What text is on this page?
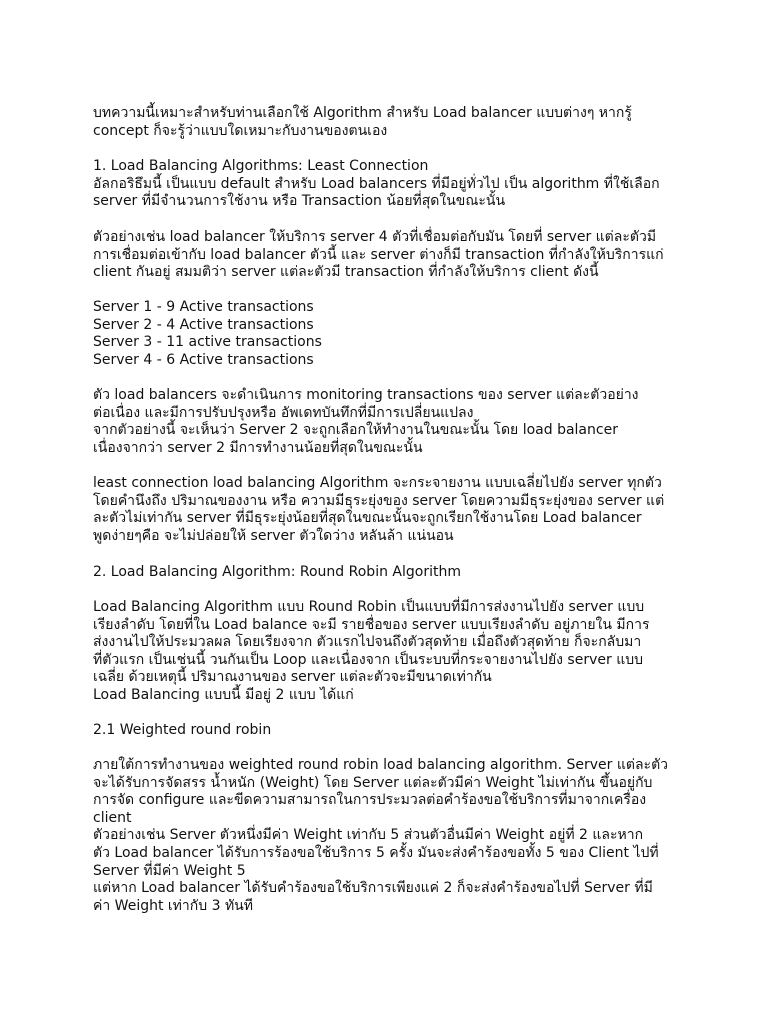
บทความนี้เหมาะสำหรับท่านเลือกใช้ Algorithm สำหรับ Load balancer แบบต่างๆ หากรู้
concept ก็จะรู้ว่าแบบใดเหมาะกับงานของตนเอง
1. Load Balancing Algorithms: Least Connection
อัลกอริธึมนี้ เป็นแบบ default สำหรับ Load balancers ที่มีอยู่ทั่วไป เป็น algorithm ที่ใช้เลือก
server ที่มีจำนวนการใช้งาน หรือ Transaction น้อยที่สุดในขณะนั้น
ตัวอย่างเช่น load balancer ให้บริการ server 4 ตัวที่เชื่อมต่อกับมัน โดยที่ server แต่ละตัวมี
การเชื่อมต่อเข้ากับ load balancer ตัวนี้ และ server ต่างก็มี transaction ที่กำลังให้บริการแก่
client กันอยู่ สมมติว่า server แต่ละตัวมี transaction ที่กำลังให้บริการ client ดังนี้
Server 1 - 9 Active transactions
Server 2 - 4 Active transactions
Server 3 - 11 active transactions
Server 4 - 6 Active transactions
ตัว load balancers จะดำเนินการ monitoring transactions ของ server แต่ละตัวอย่าง
ต่อเนื่อง และมีการปรับปรุงหรือ อัพเดทบันทึกที่มีการเปลี่ยนแปลง
จากตัวอย่างนี้ จะเห็นว่า Server 2 จะถูกเลือกให้ทำงานในขณะนั้น โดย load balancer
เนื่องจากว่า server 2 มีการทำงานน้อยที่สุดในขณะนั้น
least connection load balancing Algorithm จะกระจายงาน แบบเฉลี่ยไปยัง server ทุกตัว
โดยคำนึงถึง ปริมาณของงาน หรือ ความมีธุระยุ่งของ server โดยความมีธุระยุ่งของ server แต่
ละตัวไม่เท่ากัน server ที่มีธุระยุ่งน้อยที่สุดในขณะนั้นจะถูกเรียกใช้งานโดย Load balancer
พูดง่ายๆคือ จะไม่ปล่อยให้ server ตัวใดว่าง หลันล้า แน่นอน
2. Load Balancing Algorithm: Round Robin Algorithm
Load Balancing Algorithm แบบ Round Robin เป็นแบบที่มีการส่งงานไปยัง server แบบ
เรียงลำดับ โดยที่ใน Load balance จะมี รายชื่อของ server แบบเรียงลำดับ อยู่ภายใน มีการ
ส่งงานไปให้ประมวลผล โดยเรียงจาก ตัวแรกไปจนถึงตัวสุดท้าย เมื่อถึงตัวสุดท้าย ก็จะกลับมา
ที่ตัวแรก เป็นเช่นนี้ วนกันเป็น Loop และเนื่องจาก เป็นระบบที่กระจายงานไปยัง server แบบ
เฉลี่ย ด้วยเหตุนี้ ปริมาณงานของ server แต่ละตัวจะมีขนาดเท่ากัน
Load Balancing แบบนี้ มีอยู่ 2 แบบ ได้แก่
2.1 Weighted round robin
ภายใต้การทำงานของ weighted round robin load balancing algorithm. Server แต่ละตัว
จะได้รับการจัดสรร น้ำหนัก (Weight) โดย Server แต่ละตัวมีค่า Weight ไม่เท่ากัน ขึ้นอยู่กับ
การจัด configure และขีดความสามารถในการประมวลต่อคำร้องขอใช้บริการที่มาจากเครื่อง
client
ตัวอย่างเช่น Server ตัวหนึ่งมีค่า Weight เท่ากับ 5 ส่วนตัวอื่นมีค่า Weight อยู่ที่ 2 และหาก
ตัว Load balancer ได้รับการร้องขอใช้บริการ 5 ครั้ง มันจะส่งคำร้องขอทั้ง 5 ของ Client ไปที่
Server ที่มีค่า Weight 5
แต่หาก Load balancer ได้รับคำร้องขอใช้บริการเพียงแค่ 2 ก็จะส่งคำร้องขอไปที่ Server ที่มี
ค่า Weight เท่ากับ 3 ทันที
